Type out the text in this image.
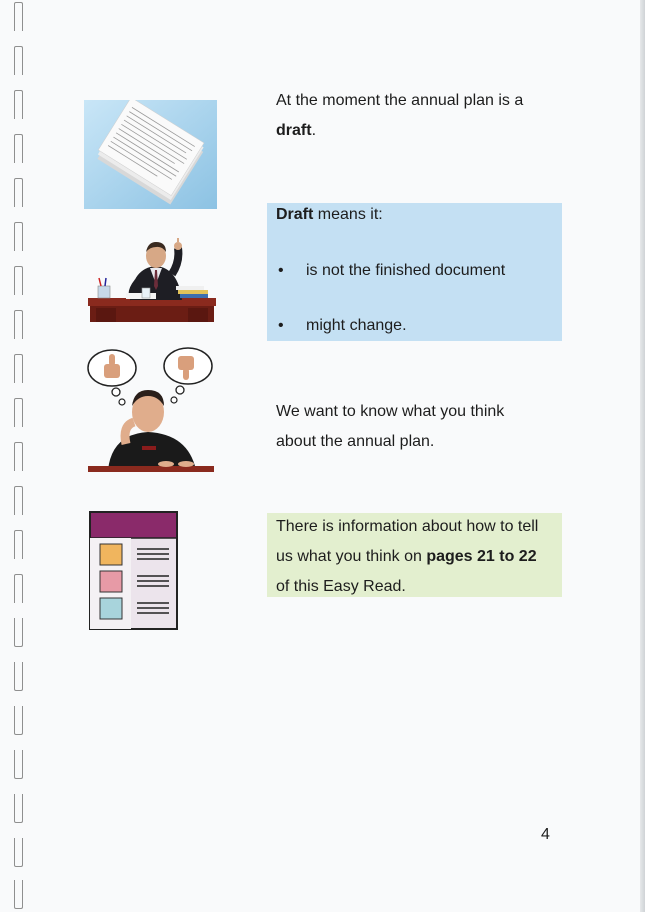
At the moment the annual plan is a
draft.
Draft means it:
• is not the finished document
• might change.
We want to know what you think
about the annual plan.
There is information about how to tell
us what you think on pages 21 to 22
of this Easy Read.
4
